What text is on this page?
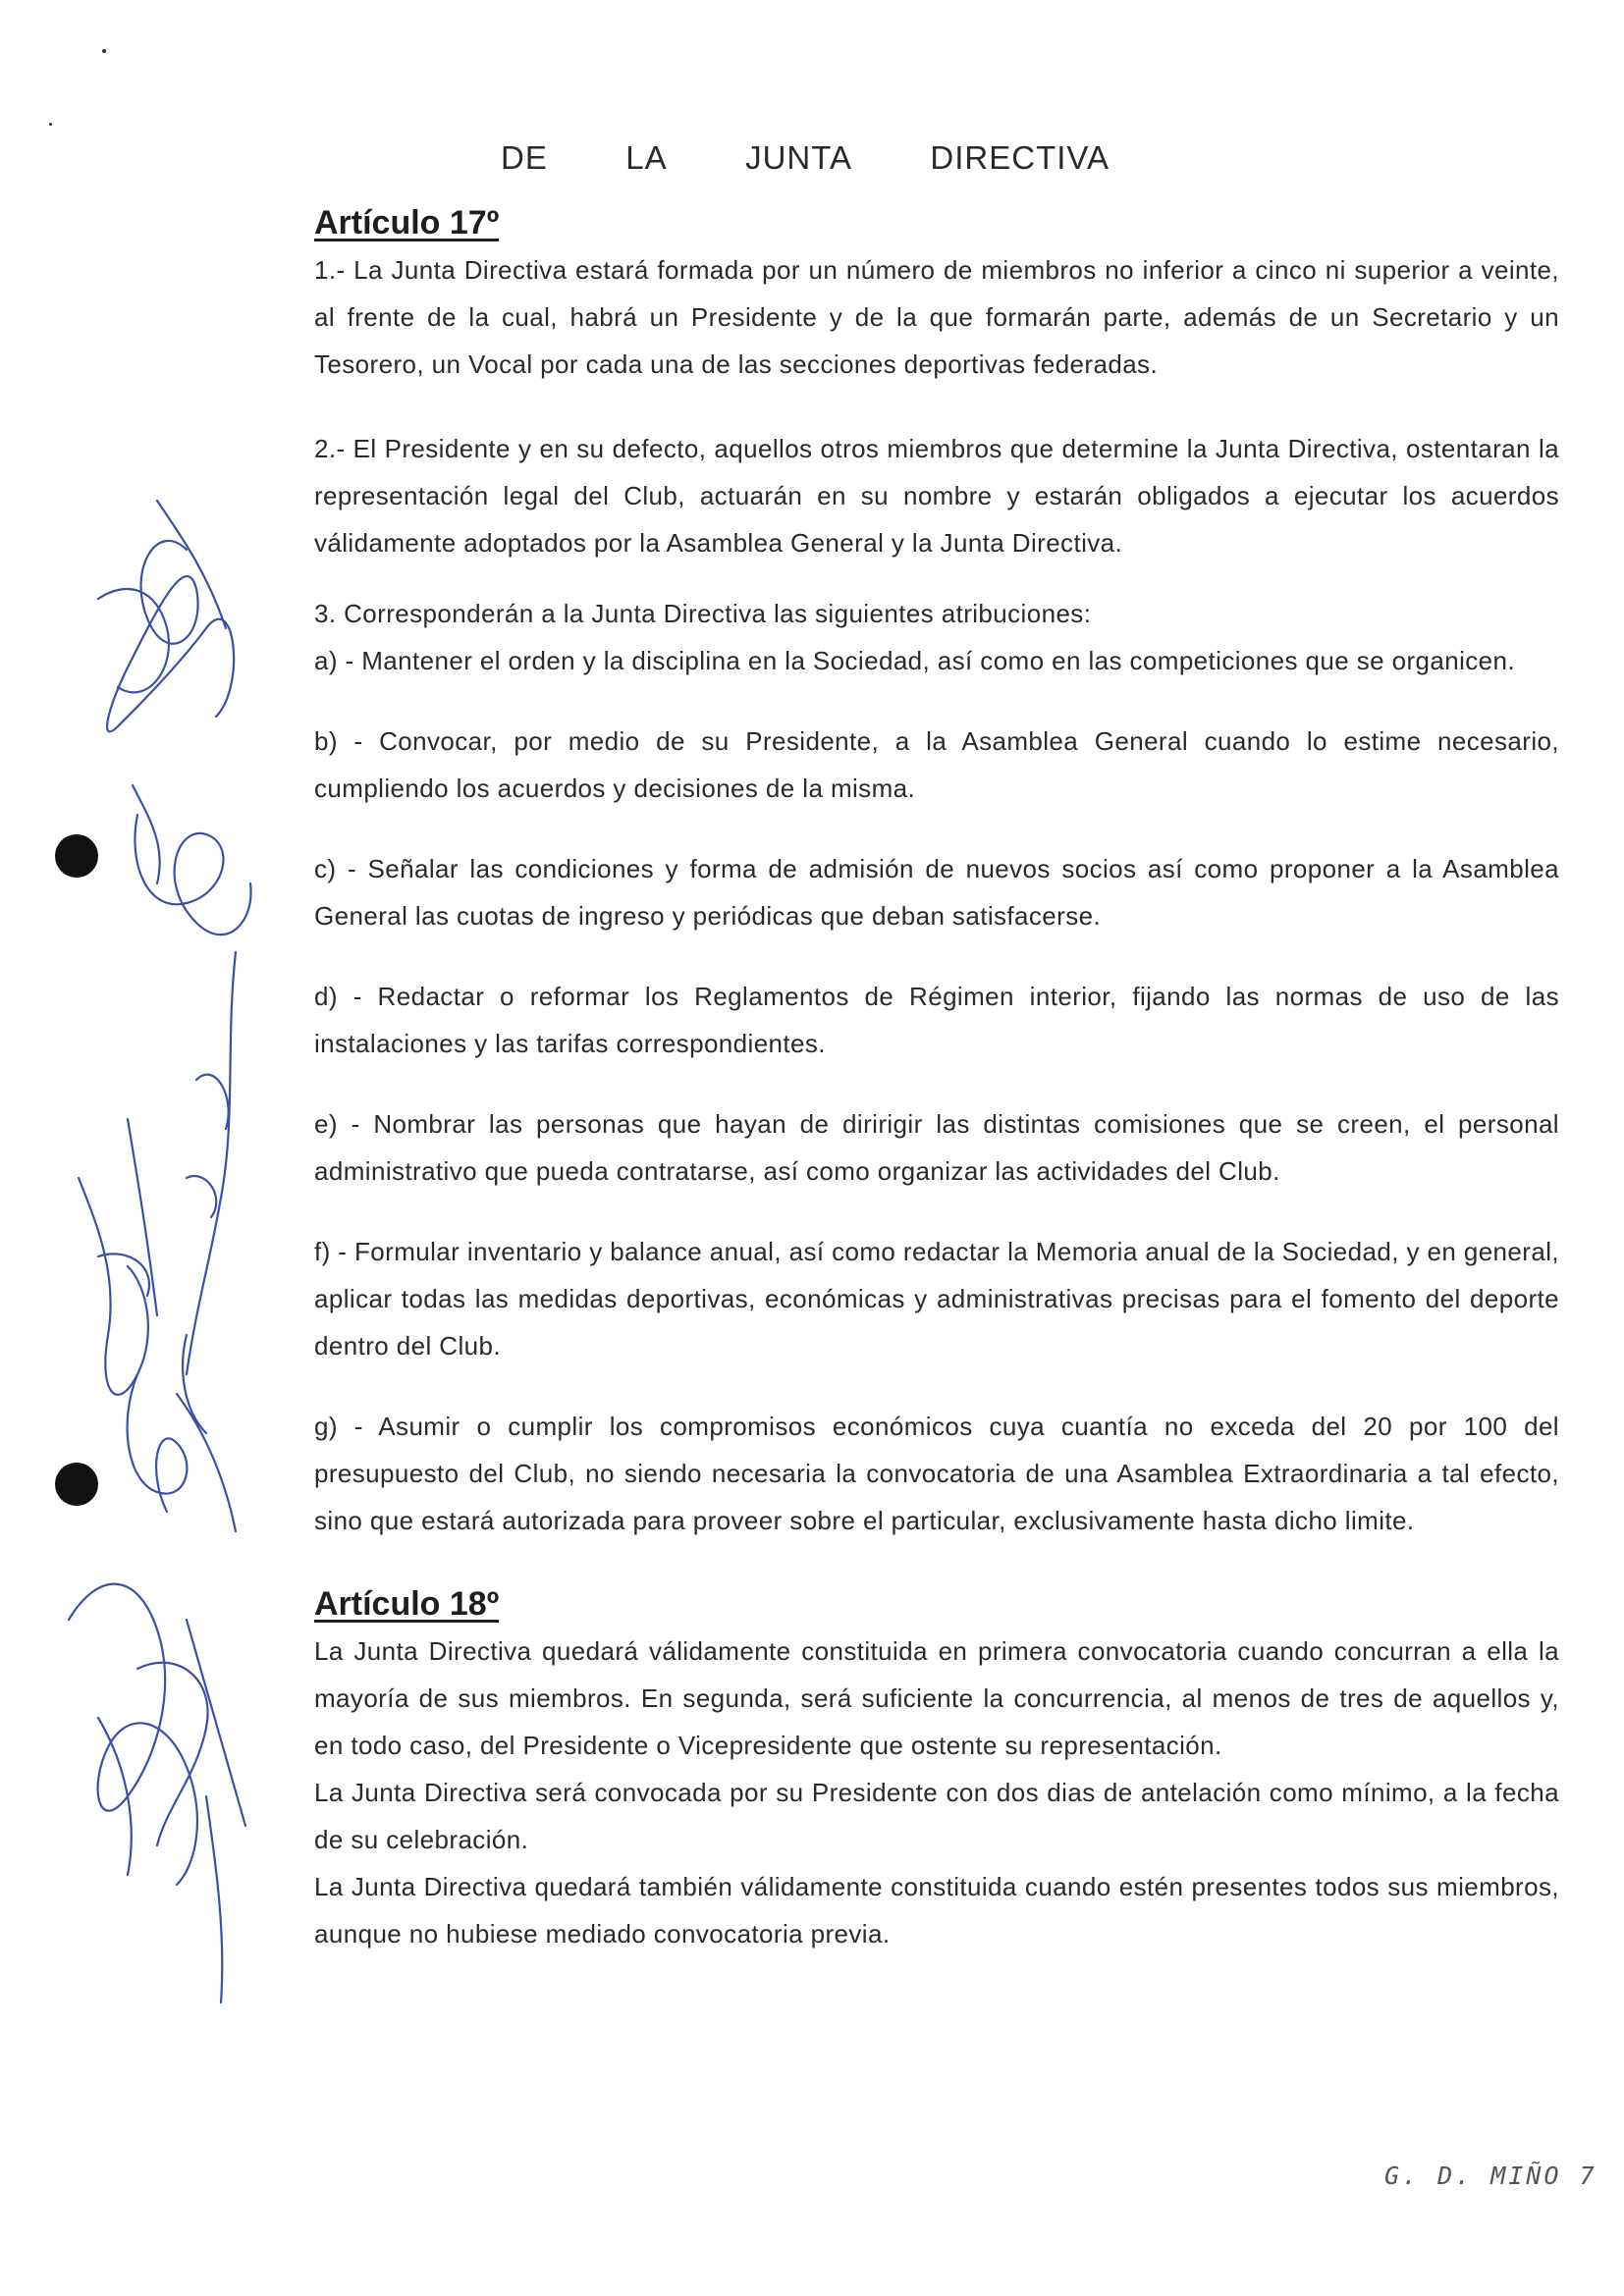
DE LA JUNTA DIRECTIVA
Artículo 17º

1.- La Junta Directiva estará formada por un número de miembros no inferior a cinco ni superior a veinte, al frente de la cual, habrá un Presidente y de la que formarán parte, además de un Secretario y un Tesorero, un Vocal por cada una de las secciones deportivas federadas.

2.- El Presidente y en su defecto, aquellos otros miembros que determine la Junta Directiva, ostentaran la representación legal del Club, actuarán en su nombre y estarán obligados a ejecutar los acuerdos válidamente adoptados por la Asamblea General y la Junta Directiva.

3. Corresponderán a la Junta Directiva las siguientes atribuciones:

a) - Mantener el orden y la disciplina en la Sociedad, así como en las competiciones que se organicen.

b) - Convocar, por medio de su Presidente, a la Asamblea General cuando lo estime necesario, cumpliendo los acuerdos y decisiones de la misma.

c) - Señalar las condiciones y forma de admisión de nuevos socios así como proponer a la Asamblea General las cuotas de ingreso y periódicas que deban satisfacerse.

d) - Redactar o reformar los Reglamentos de Régimen interior, fijando las normas de uso de las instalaciones y las tarifas correspondientes.

e) - Nombrar las personas que hayan de diririgir las distintas comisiones que se creen, el personal administrativo que pueda contratarse, así como organizar las actividades del Club.

f) - Formular inventario y balance anual, así como redactar la Memoria anual de la Sociedad, y en general, aplicar todas las medidas deportivas, económicas y administrativas precisas para el fomento del deporte dentro del Club.

g) - Asumir o cumplir los compromisos económicos cuya cuantía no exceda del 20 por 100 del presupuesto del Club, no siendo necesaria la convocatoria de una Asamblea Extraordinaria a tal efecto, sino que estará autorizada para proveer sobre el particular, exclusivamente hasta dicho limite.

Artículo 18º

La Junta Directiva quedará válidamente constituida en primera convocatoria cuando concurran a ella la mayoría de sus miembros. En segunda, será suficiente la concurrencia, al menos de tres de aquellos y, en todo caso, del Presidente o Vicepresidente que ostente su representación.

La Junta Directiva será convocada por su Presidente con dos dias de antelación como mínimo, a la fecha de su celebración.

La Junta Directiva quedará también válidamente constituida cuando estén presentes todos sus miembros, aunque no hubiese mediado convocatoria previa.

G. D. MIÑO 7
